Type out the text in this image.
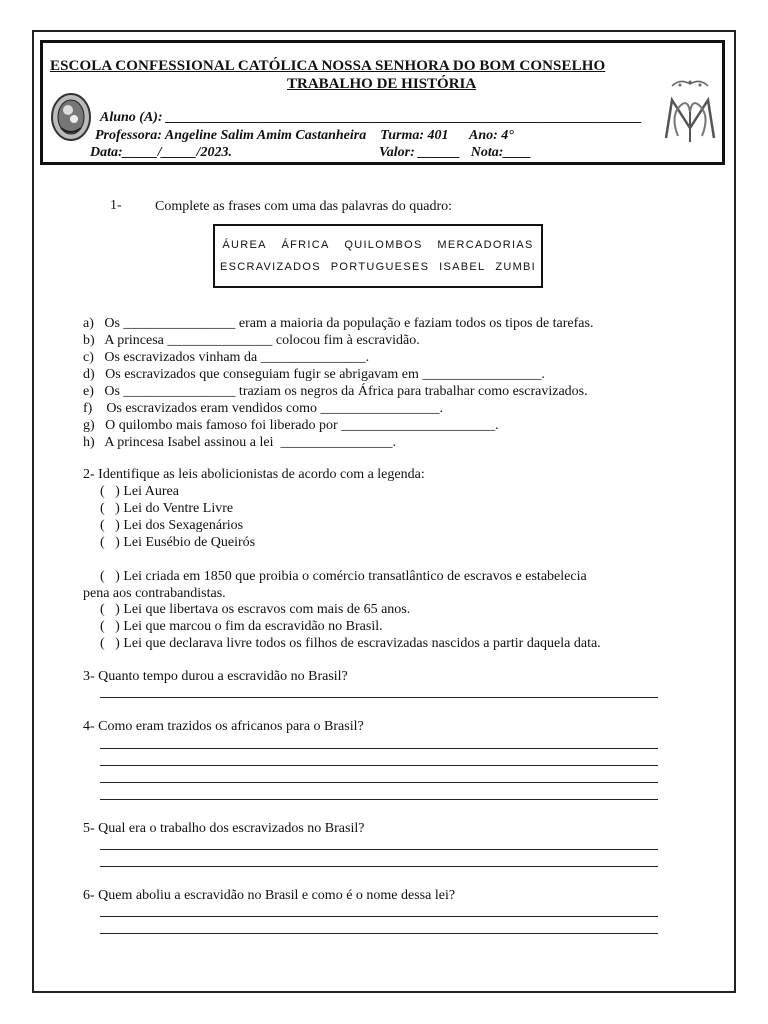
ESCOLA CONFESSIONAL CATÓLICA NOSSA SENHORA DO BOM CONSELHO
TRABALHO DE HISTÓRIA
Aluno (A): ____________________________________________________________________
Professora: Angeline Salim Amim Castanheira    Turma: 401      Ano: 4°
Data:_____/_____/2023.                                          Valor: ______   Nota:____
1- Complete as frases com uma das palavras do quadro:
ÁUREA ÁFRICA QUILOMBOS MERCADORIAS
ESCRAVIZADOS PORTUGUESES ISABEL ZUMBI
a)   Os ________________ eram a maioria da população e faziam todos os tipos de tarefas.
b)   A princesa _______________ colocou fim à escravidão.
c)   Os escravizados vinham da _______________.
d)   Os escravizados que conseguiam fugir se abrigavam em _________________.
e)   Os ________________ traziam os negros da África para trabalhar como escravizados.
f)    Os escravizados eram vendidos como _________________.
g)   O quilombo mais famoso foi liberado por ______________________.
h)   A princesa Isabel assinou a lei  ________________.
2- Identifique as leis abolicionistas de acordo com a legenda:
(   ) Lei Aurea
(   ) Lei do Ventre Livre
(   ) Lei dos Sexagenários
(   ) Lei Eusébio de Queirós
(   ) Lei criada em 1850 que proibia o comércio transatlântico de escravos e estabelecia
pena aos contrabandistas.
(   ) Lei que libertava os escravos com mais de 65 anos.
(   ) Lei que marcou o fim da escravidão no Brasil.
(   ) Lei que declarava livre todos os filhos de escravizadas nascidos a partir daquela data.
3- Quanto tempo durou a escravidão no Brasil?
4- Como eram trazidos os africanos para o Brasil?
5- Qual era o trabalho dos escravizados no Brasil?
6- Quem aboliu a escravidão no Brasil e como é o nome dessa lei?
